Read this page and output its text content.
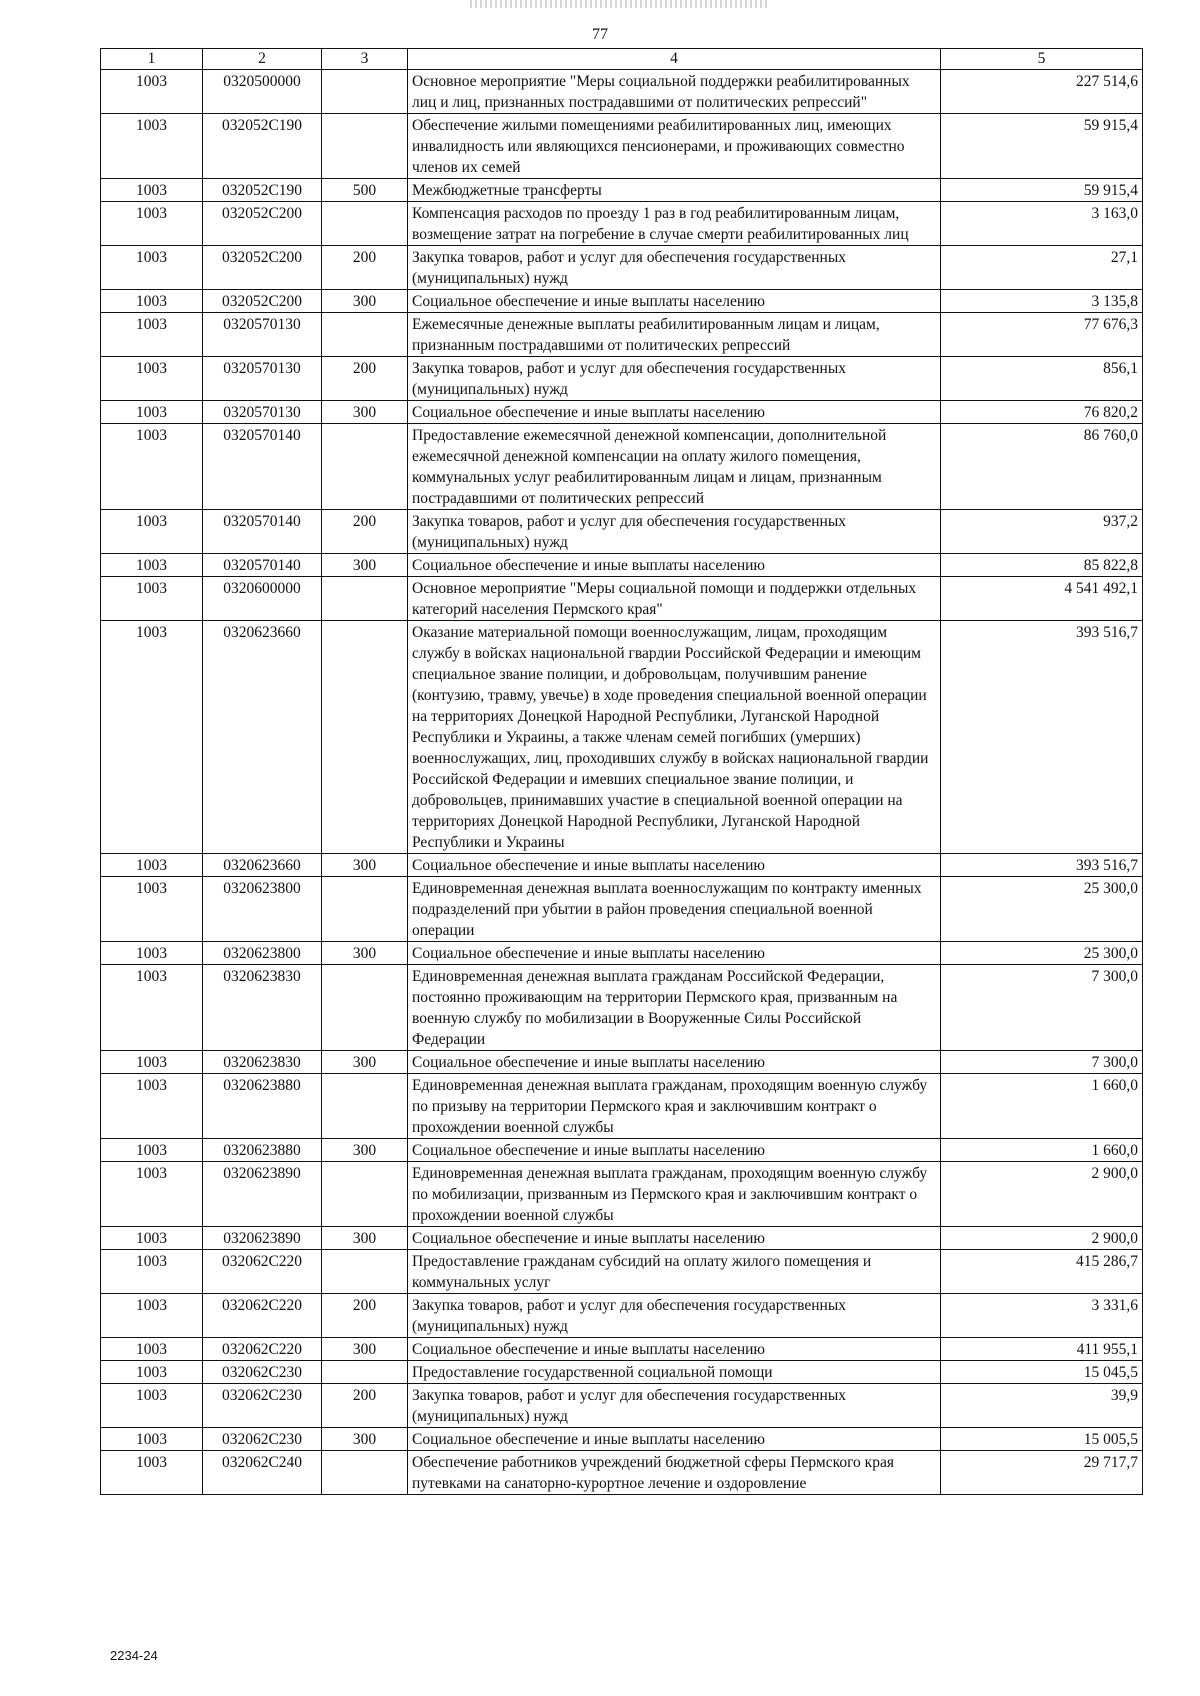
77
1	2	3	4	5
1003	0320500000		Основное мероприятие "Меры социальной поддержки реабилитированных лиц и лиц, признанных пострадавшими от политических репрессий"	227 514,6
1003	032052С190		Обеспечение жилыми помещениями реабилитированных лиц, имеющих инвалидность или являющихся пенсионерами, и проживающих совместно членов их семей	59 915,4
1003	032052С190	500	Межбюджетные трансферты	59 915,4
1003	032052С200		Компенсация расходов по проезду 1 раз в год реабилитированным лицам, возмещение затрат на погребение в случае смерти реабилитированных лиц	3 163,0
1003	032052С200	200	Закупка товаров, работ и услуг для обеспечения государственных (муниципальных) нужд	27,1
1003	032052С200	300	Социальное обеспечение и иные выплаты населению	3 135,8
1003	0320570130		Ежемесячные денежные выплаты реабилитированным лицам и лицам, признанным пострадавшими от политических репрессий	77 676,3
1003	0320570130	200	Закупка товаров, работ и услуг для обеспечения государственных (муниципальных) нужд	856,1
1003	0320570130	300	Социальное обеспечение и иные выплаты населению	76 820,2
1003	0320570140		Предоставление ежемесячной денежной компенсации, дополнительной ежемесячной денежной компенсации на оплату жилого помещения, коммунальных услуг реабилитированным лицам и лицам, признанным пострадавшими от политических репрессий	86 760,0
1003	0320570140	200	Закупка товаров, работ и услуг для обеспечения государственных (муниципальных) нужд	937,2
1003	0320570140	300	Социальное обеспечение и иные выплаты населению	85 822,8
1003	0320600000		Основное мероприятие "Меры социальной помощи и поддержки отдельных категорий населения Пермского края"	4 541 492,1
1003	0320623660		Оказание материальной помощи военнослужащим, лицам, проходящим службу в войсках национальной гвардии Российской Федерации и имеющим специальное звание полиции, и добровольцам, получившим ранение (контузию, травму, увечье) в ходе проведения специальной военной операции на территориях Донецкой Народной Республики, Луганской Народной Республики и Украины, а также членам семей погибших (умерших) военнослужащих, лиц, проходивших службу в войсках национальной гвардии Российской Федерации и имевших специальное звание полиции, и добровольцев, принимавших участие в специальной военной операции на территориях Донецкой Народной Республики, Луганской Народной Республики и Украины	393 516,7
1003	0320623660	300	Социальное обеспечение и иные выплаты населению	393 516,7
1003	0320623800		Единовременная денежная выплата военнослужащим по контракту именных подразделений при убытии в район проведения специальной военной операции	25 300,0
1003	0320623800	300	Социальное обеспечение и иные выплаты населению	25 300,0
1003	0320623830		Единовременная денежная выплата гражданам Российской Федерации, постоянно проживающим на территории Пермского края, призванным на военную службу по мобилизации в Вооруженные Силы Российской Федерации	7 300,0
1003	0320623830	300	Социальное обеспечение и иные выплаты населению	7 300,0
1003	0320623880		Единовременная денежная выплата гражданам, проходящим военную службу по призыву на территории Пермского края и заключившим контракт о прохождении военной службы	1 660,0
1003	0320623880	300	Социальное обеспечение и иные выплаты населению	1 660,0
1003	0320623890		Единовременная денежная выплата гражданам, проходящим военную службу по мобилизации, призванным из Пермского края и заключившим контракт о прохождении военной службы	2 900,0
1003	0320623890	300	Социальное обеспечение и иные выплаты населению	2 900,0
1003	032062С220		Предоставление гражданам субсидий на оплату жилого помещения и коммунальных услуг	415 286,7
1003	032062С220	200	Закупка товаров, работ и услуг для обеспечения государственных (муниципальных) нужд	3 331,6
1003	032062С220	300	Социальное обеспечение и иные выплаты населению	411 955,1
1003	032062С230		Предоставление государственной социальной помощи	15 045,5
1003	032062С230	200	Закупка товаров, работ и услуг для обеспечения государственных (муниципальных) нужд	39,9
1003	032062С230	300	Социальное обеспечение и иные выплаты населению	15 005,5
1003	032062С240		Обеспечение работников учреждений бюджетной сферы Пермского края путевками на санаторно-курортное лечение и оздоровление	29 717,7
2234-24
